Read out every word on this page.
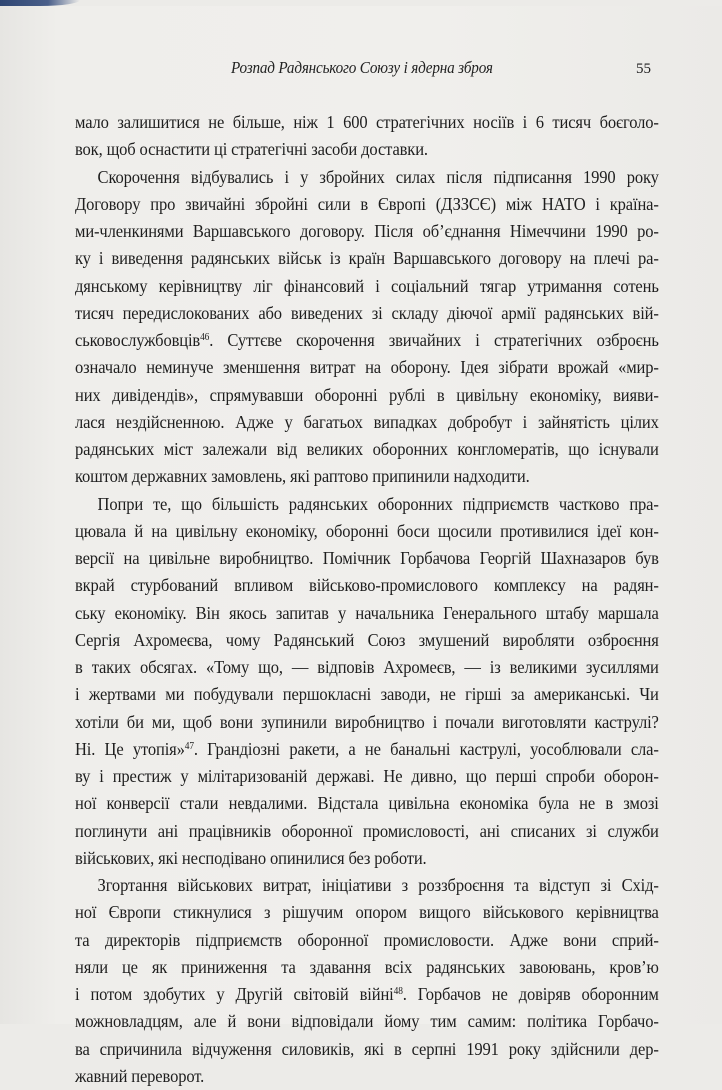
Розпад Радянського Союзу і ядерна зброя	55
мало залишитися не більше, ніж 1 600 стратегічних носіїв і 6 тисяч боєголо-
вок, щоб оснастити ці стратегічні засоби доставки.
Скорочення відбувались і у збройних силах після підписання 1990 року
Договору про звичайні збройні сили в Європі (ДЗЗСЄ) між НАТО і країна-
ми-членкинями Варшавського договору. Після об’єднання Німеччини 1990 ро-
ку і виведення радянських військ із країн Варшавського договору на плечі ра-
дянському керівництву ліг фінансовий і соціальний тягар утримання сотень
тисяч передислокованих або виведених зі складу діючої армії радянських вій-
ськовослужбовців$^{46}$. Суттєве скорочення звичайних і стратегічних озброєнь
означало неминуче зменшення витрат на оборону. Ідея зібрати врожай «мир-
них дивідендів», спрямувавши оборонні рублі в цивільну економіку, вияви-
лася нездійсненною. Адже у багатьох випадках добробут і зайнятість цілих
радянських міст залежали від великих оборонних конгломератів, що існували
коштом державних замовлень, які раптово припинили надходити.
Попри те, що більшість радянських оборонних підприємств частково пра-
цювала й на цивільну економіку, оборонні боси щосили противилися ідеї кон-
версії на цивільне виробництво. Помічник Горбачова Георгій Шахназаров був
вкрай стурбований впливом військово-промислового комплексу на радян-
ську економіку. Він якось запитав у начальника Генерального штабу маршала
Сергія Ахромеєва, чому Радянський Союз змушений виробляти озброєння
в таких обсягах. «Тому що, — відповів Ахромеєв, — із великими зусиллями
і жертвами ми побудували першокласні заводи, не гірші за американські. Чи
хотіли би ми, щоб вони зупинили виробництво і почали виготовляти каструлі?
Ні. Це утопія»$^{47}$. Грандіозні ракети, а не банальні каструлі, уособлювали сла-
ву і престиж у мілітаризованій державі. Не дивно, що перші спроби оборон-
ної конверсії стали невдалими. Відстала цивільна економіка була не в змозі
поглинути ані працівників оборонної промисловості, ані списаних зі служби
військових, які несподівано опинилися без роботи.
Згортання військових витрат, ініціативи з роззброєння та відступ зі Схід-
ної Європи стикнулися з рішучим опором вищого військового керівництва
та директорів підприємств оборонної промисловости. Адже вони сприй-
няли це як приниження та здавання всіх радянських завоювань, кров’ю
і потом здобутих у Другій світовій війні$^{48}$. Горбачов не довіряв оборонним
можновладцям, але й вони відповідали йому тим самим: політика Горбачо-
ва спричинила відчуження силовиків, які в серпні 1991 року здійснили дер-
жавний переворот.
